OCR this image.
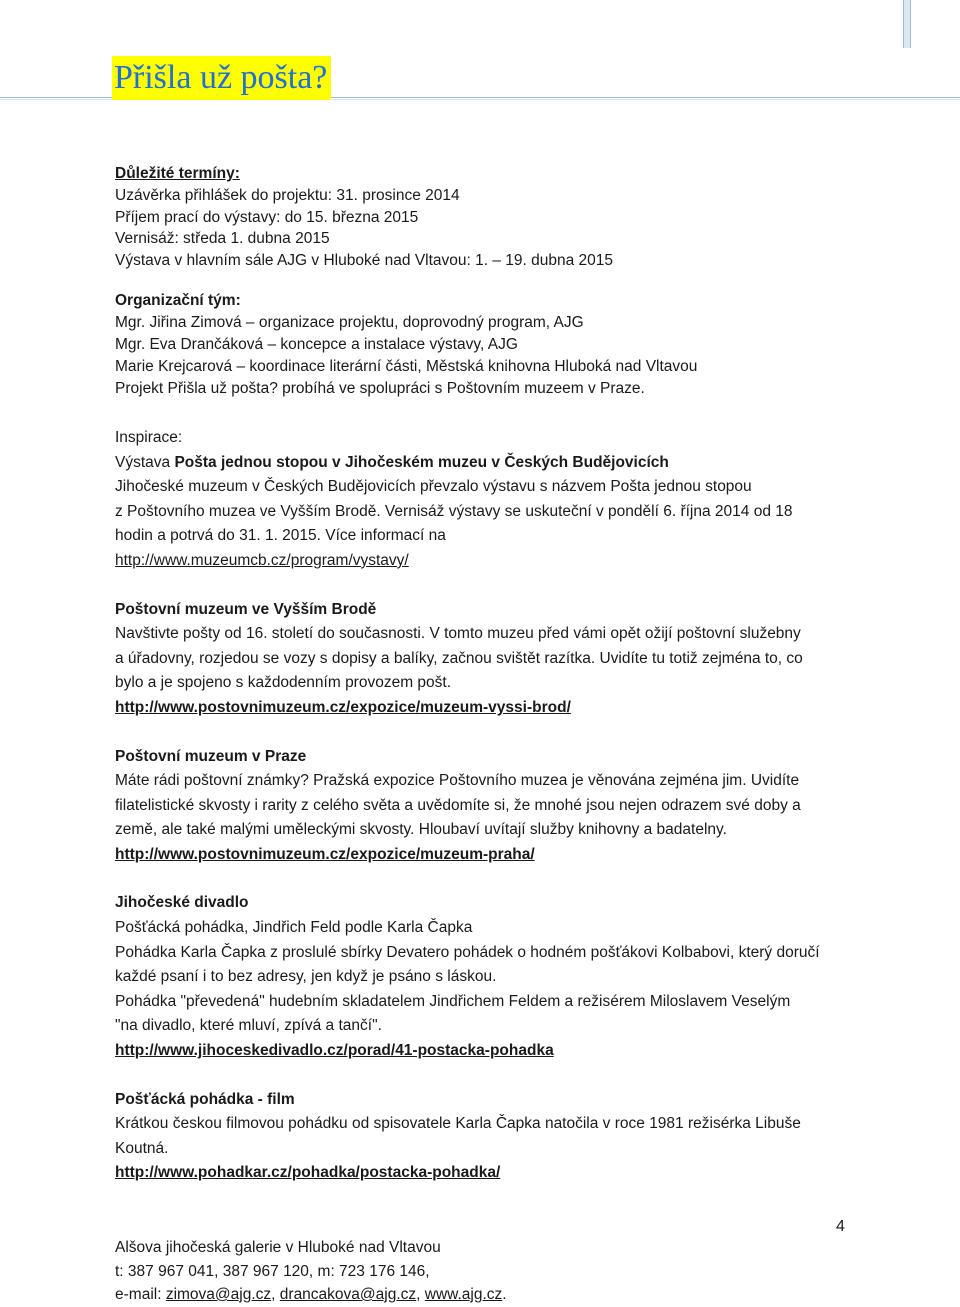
Přišla už pošta?
Důležité termíny:
Uzávěrka přihlášek do projektu: 31. prosince 2014
Příjem prací do výstavy: do 15. března 2015
Vernisáž: středa 1. dubna 2015
Výstava v hlavním sále AJG v Hluboké nad Vltavou: 1. – 19. dubna 2015
Organizační tým:
Mgr. Jiřina Zimová – organizace projektu, doprovodný program, AJG
Mgr. Eva Drančáková – koncepce a instalace výstavy, AJG
Marie Krejcarová – koordinace literární části, Městská knihovna Hluboká nad Vltavou
Projekt Přišla už pošta? probíhá ve spolupráci s Poštovním muzeem v Praze.
Inspirace:
Výstava Pošta jednou stopou v Jihočeském muzeu v Českých Budějovicích
Jihočeské muzeum v Českých Budějovicích převzalo výstavu s názvem Pošta jednou stopou
z Poštovního muzea ve Vyšším Brodě. Vernisáž výstavy se uskuteční v pondělí 6. října 2014 od 18
hodin a potrvá do 31. 1. 2015. Více informací na
http://www.muzeumcb.cz/program/vystavy/
Poštovní muzeum ve Vyšším Brodě
Navštivte pošty od 16. století do současnosti. V tomto muzeu před vámi opět ožijí poštovní služebny
a úřadovny, rozjedou se vozy s dopisy a balíky, začnou svištět razítka. Uvidíte tu totiž zejména to, co
bylo a je spojeno s každodenním provozem pošt.
http://www.postovnimuzeum.cz/expozice/muzeum-vyssi-brod/
Poštovní muzeum v Praze
Máte rádi poštovní známky? Pražská expozice Poštovního muzea je věnována zejména jim. Uvidíte
filatelistické skvosty i rarity z celého světa a uvědomíte si, že mnohé jsou nejen odrazem své doby a
země, ale také malými uměleckými skvosty. Hloubaví uvítají služby knihovny a badatelny.
http://www.postovnimuzeum.cz/expozice/muzeum-praha/
Jihočeské divadlo
Pošťácká pohádka, Jindřich Feld podle Karla Čapka
Pohádka Karla Čapka z proslulé sbírky Devatero pohádek o hodném pošťákovi Kolbabovi, který doručí
každé psaní i to bez adresy, jen když je psáno s láskou.
Pohádka "převedená" hudebním skladatelem Jindřichem Feldem a režisérem Miloslavem Veselým
"na divadlo, které mluví, zpívá a tančí".
http://www.jihoceskedivadlo.cz/porad/41-postacka-pohadka
Pošťácká pohádka - film
Krátkou českou filmovou pohádku od spisovatele Karla Čapka natočila v roce 1981 režisérka Libuše
Koutná.
http://www.pohadkar.cz/pohadka/postacka-pohadka/
4
Alšova jihočeská galerie v Hluboké nad Vltavou
t: 387 967 041, 387 967 120, m: 723 176 146,
e-mail: zimova@ajg.cz, drancakova@ajg.cz, www.ajg.cz.
